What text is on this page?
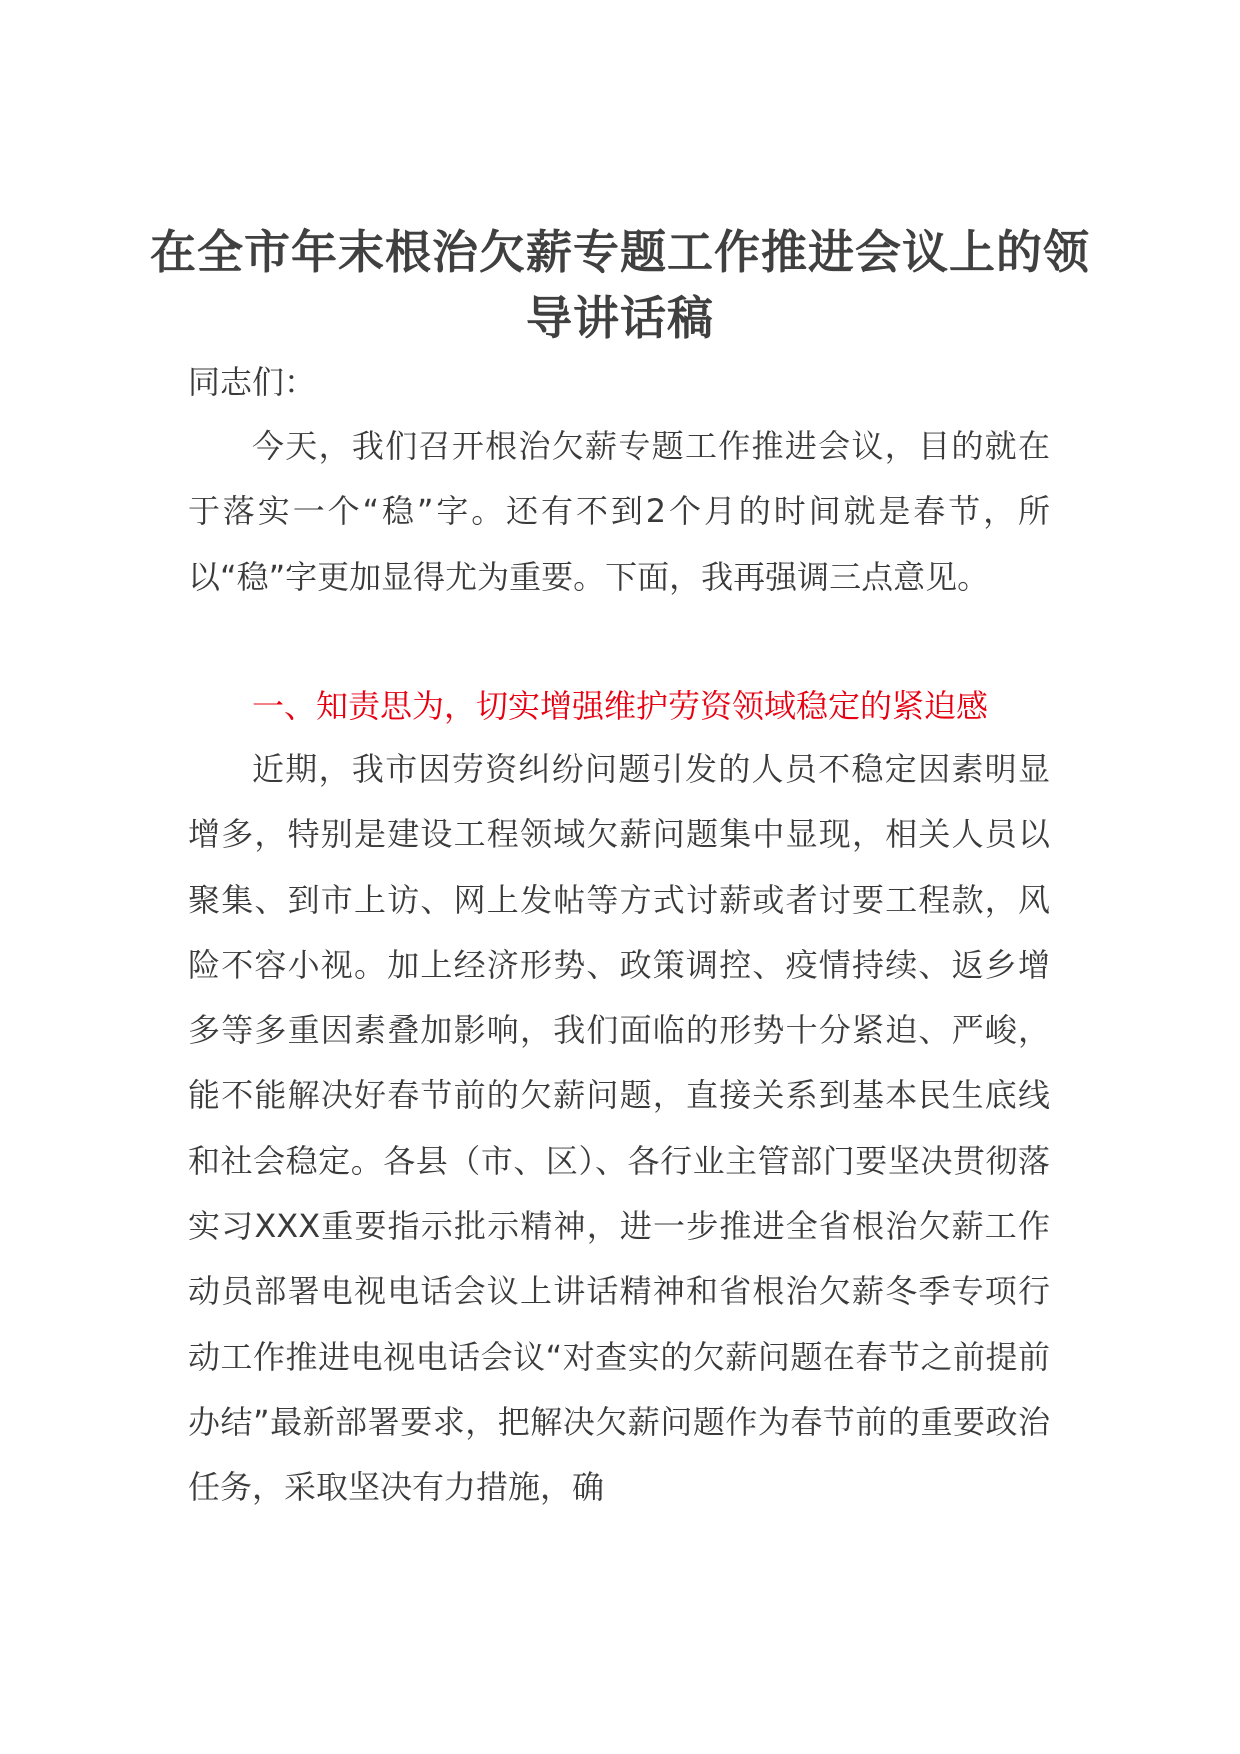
在全市年末根治欠薪专题工作推进会议上的领导讲话稿
同志们：

今天，我们召开根治欠薪专题工作推进会议，目的就在于落实一个“稳”字。还有不到2个月的时间就是春节，所以“稳”字更加显得尤为重要。下面，我再强调三点意见。

一、知责思为，切实增强维护劳资领域稳定的紧迫感

近期，我市因劳资纠纷问题引发的人员不稳定因素明显增多，特别是建设工程领域欠薪问题集中显现，相关人员以聚集、到市上访、网上发帖等方式讨薪或者讨要工程款，风险不容小视。加上经济形势、政策调控、疫情持续、返乡增多等多重因素叠加影响，我们面临的形势十分紧迫、严峻，能不能解决好春节前的欠薪问题，直接关系到基本民生底线和社会稳定。各县（市、区）、各行业主管部门要坚决贯彻落实习XXX重要指示批示精神，进一步推进全省根治欠薪工作动员部署电视电话会议上讲话精神和省根治欠薪冬季专项行动工作推进电视电话会议“对查实的欠薪问题在春节之前提前办结”最新部署要求，把解决欠薪问题作为春节前的重要政治任务，采取坚决有力措施，确
